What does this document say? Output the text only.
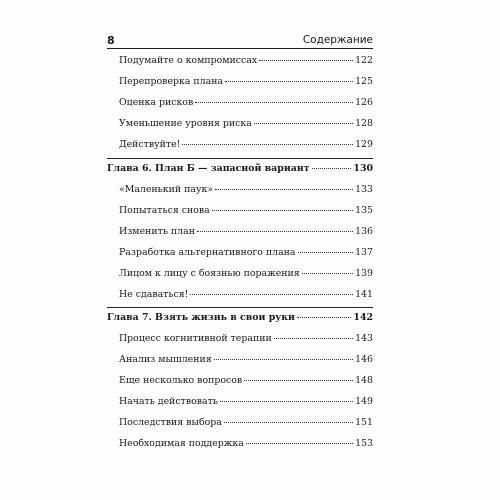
8	Содержание
Подумайте о компромиссах	122
Перепроверка плана	125
Оценка рисков	126
Уменьшение уровня риска	128
Действуйте!	129
Глава 6. План Б — запасной вариант	130
«Маленький паук»	133
Попытаться снова	135
Изменить план	136
Разработка альтернативного плана	137
Лицом к лицу с боязнью поражения	139
Не сдаваться!	141
Глава 7. Взять жизнь в свои руки	142
Процесс когнитивной терапии	143
Анализ мышления	146
Еще несколько вопросов	148
Начать действовать	149
Последствия выбора	151
Необходимая поддержка	153
